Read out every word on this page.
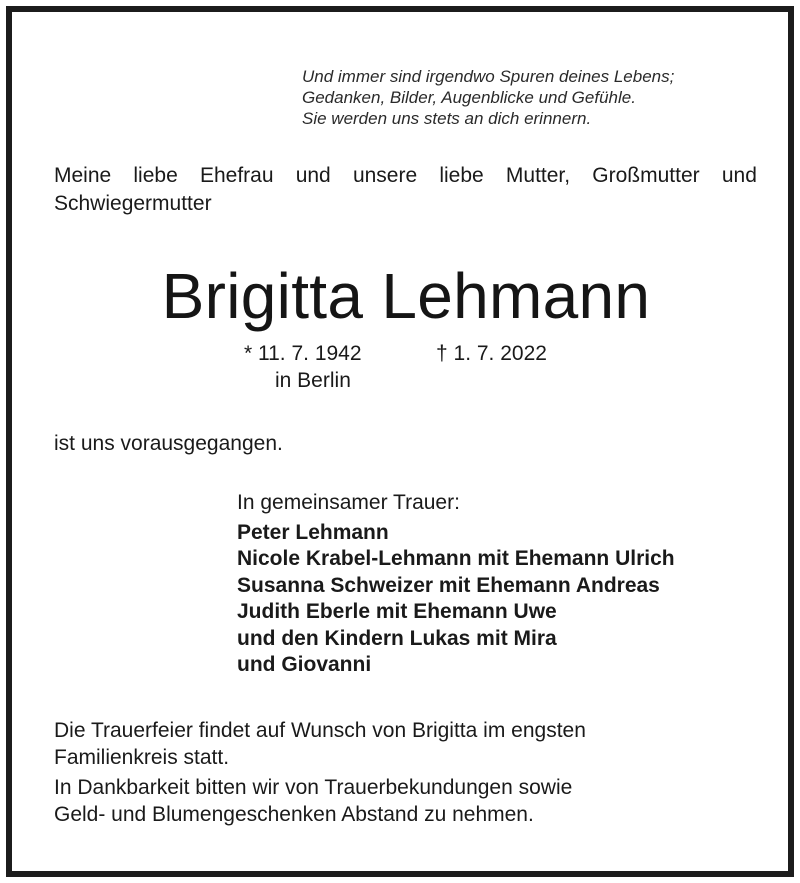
Und immer sind irgendwo Spuren deines Lebens;
Gedanken, Bilder, Augenblicke und Gefühle.
Sie werden uns stets an dich erinnern.
Meine liebe Ehefrau und unsere liebe Mutter, Großmutter und
Schwiegermutter
Brigitta Lehmann
* 11. 7. 1942	† 1. 7. 2022
in Berlin
ist uns vorausgegangen.
In gemeinsamer Trauer:
Peter Lehmann
Nicole Krabel-Lehmann mit Ehemann Ulrich
Susanna Schweizer mit Ehemann Andreas
Judith Eberle mit Ehemann Uwe
und den Kindern Lukas mit Mira
und Giovanni

Die Trauerfeier findet auf Wunsch von Brigitta im engsten
Familienkreis statt.

In Dankbarkeit bitten wir von Trauerbekundungen sowie
Geld- und Blumengeschenken Abstand zu nehmen.
